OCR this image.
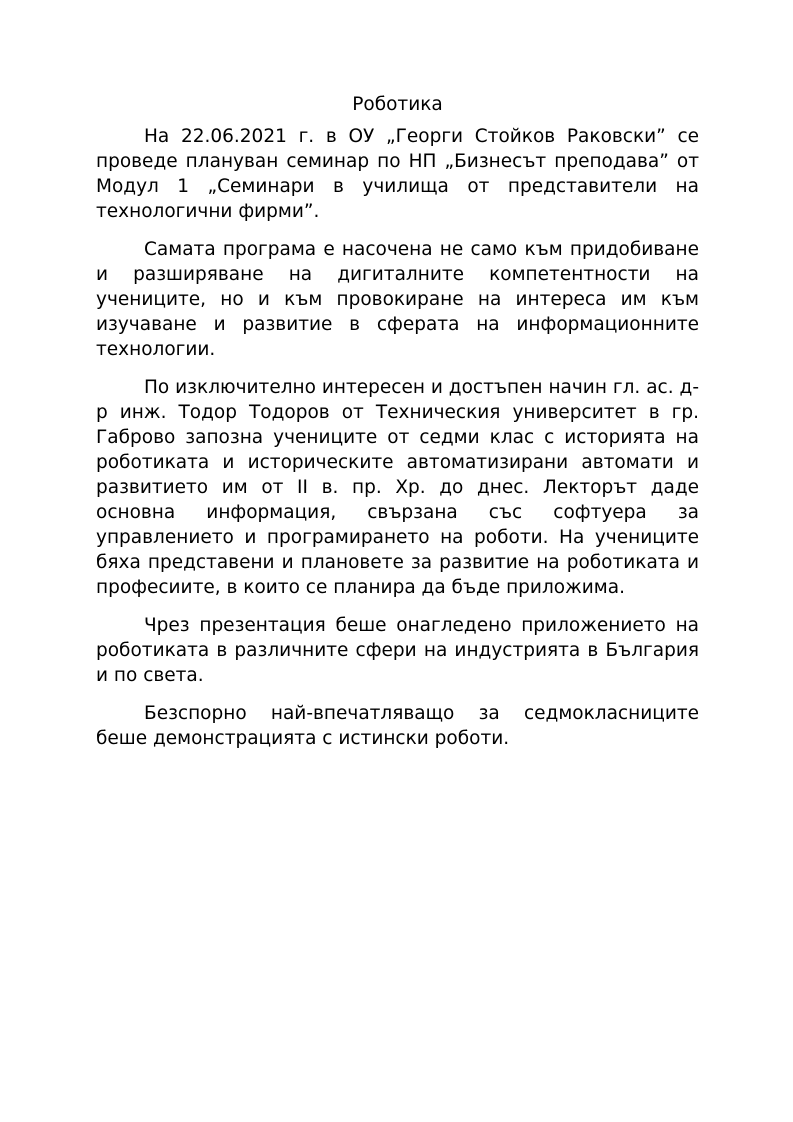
Роботика

На 22.06.2021 г. в ОУ „Георги Стойков Раковски” се проведе планувaн семинар по НП „Бизнесът преподава” от Модул 1 „Семинари в училища от представители на технологични фирми”.

Самата програма е насочена не само към придобиване и разширяване на дигиталните компетентности на учениците, но и към провокиране на интереса им към изучаване и развитие в сферата на информационните технологии.

По изключително интересен и достъпен начин гл. ас. д-р инж. Тодор Тодоров от Техническия университет в гр. Габрово запозна учениците от седми клас с историята на роботиката и историческите автоматизирани автомати и развитието им от II в. пр. Хр. до днес. Лекторът даде основна информация, свързана със софтуера за управлението и програмирането на роботи. На учениците бяха представени и плановете за развитие на роботиката и професиите, в които се планира да бъде приложима.

Чрез презентация беше онагледено приложението на роботиката в различните сфери на индустрията в България и по света.

Безспорно най-впечатляващо за седмокласниците беше демонстрацията с истински роботи.
